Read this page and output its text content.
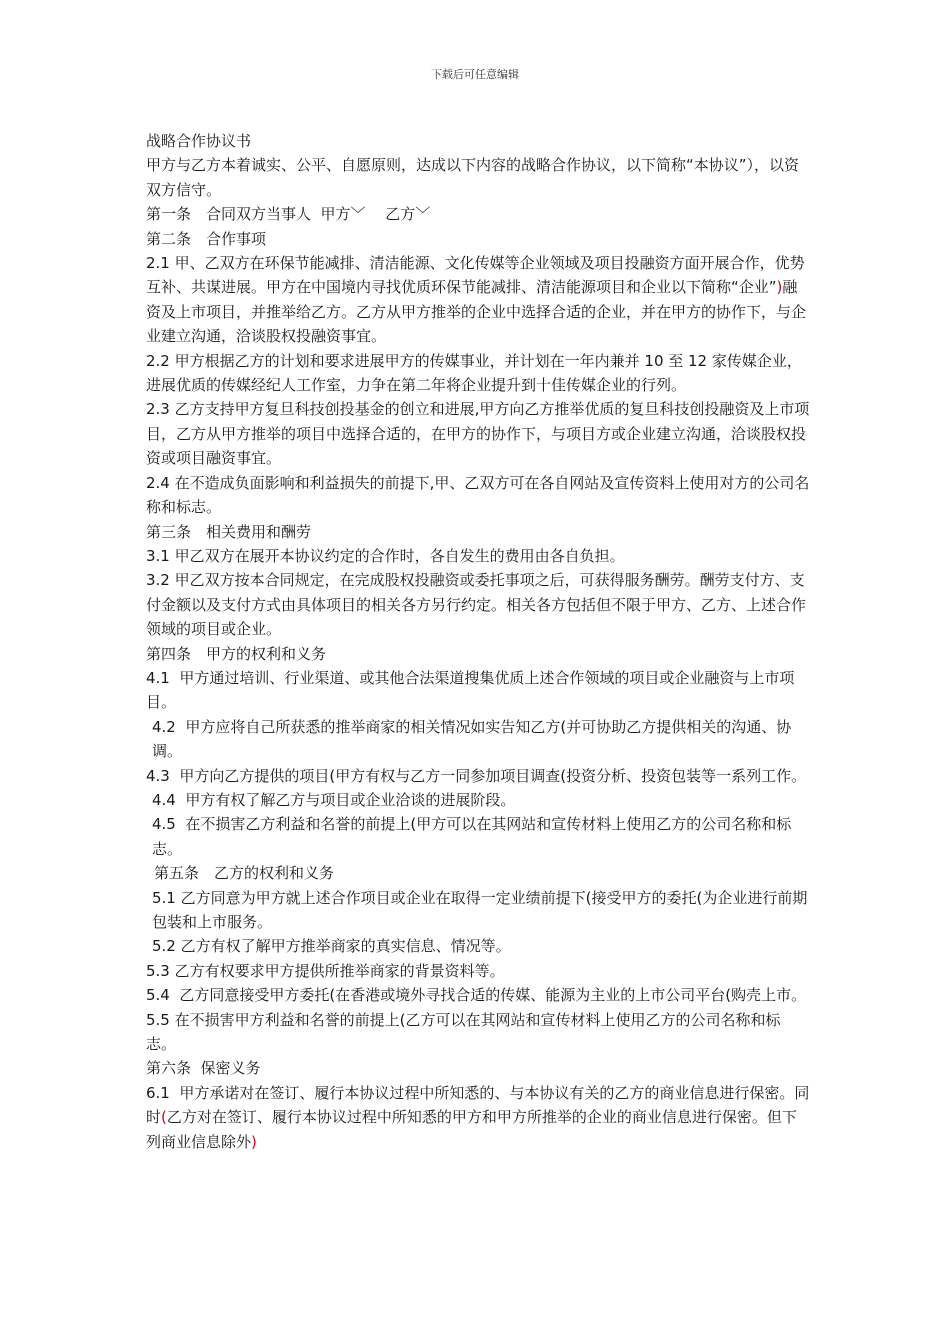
下载后可任意编辑

战略合作协议书

甲方与乙方本着诚实、公平、自愿原则，达成以下内容的战略合作协议，以下简称“本协议”），以资双方信守。

第一条　合同双方当事人  甲方﹀　 乙方﹀

第二条　合作事项

2.1 甲、乙双方在环保节能减排、清洁能源、文化传媒等企业领域及项目投融资方面开展合作，优势互补、共谋进展。甲方在中国境内寻找优质环保节能减排、清洁能源项目和企业以下简称“企业”)融资及上市项目，并推举给乙方。乙方从甲方推举的企业中选择合适的企业，并在甲方的协作下，与企业建立沟通，洽谈股权投融资事宜。

2.2 甲方根据乙方的计划和要求进展甲方的传媒事业，并计划在一年内兼并 10 至 12 家传媒企业，进展优质的传媒经纪人工作室，力争在第二年将企业提升到十佳传媒企业的行列。

2.3 乙方支持甲方复旦科技创投基金的创立和进展,甲方向乙方推举优质的复旦科技创投融资及上市项目，乙方从甲方推举的项目中选择合适的，在甲方的协作下，与项目方或企业建立沟通，洽谈股权投资或项目融资事宜。

2.4 在不造成负面影响和利益损失的前提下,甲、乙双方可在各自网站及宣传资料上使用对方的公司名称和标志。

第三条　相关费用和酬劳

3.1 甲乙双方在展开本协议约定的合作时，各自发生的费用由各自负担。

3.2 甲乙双方按本合同规定，在完成股权投融资或委托事项之后，可获得服务酬劳。酬劳支付方、支付金额以及支付方式由具体项目的相关各方另行约定。相关各方包括但不限于甲方、乙方、上述合作领域的项目或企业。

第四条　甲方的权利和义务

4.1  甲方通过培训、行业渠道、或其他合法渠道搜集优质上述合作领域的项目或企业融资与上市项目。

4.2  甲方应将自己所获悉的推举商家的相关情况如实告知乙方(并可协助乙方提供相关的沟通、协调。

4.3  甲方向乙方提供的项目(甲方有权与乙方一同参加项目调查(投资分析、投资包装等一系列工作。

4.4  甲方有权了解乙方与项目或企业洽谈的进展阶段。

4.5  在不损害乙方利益和名誉的前提上(甲方可以在其网站和宣传材料上使用乙方的公司名称和标志。

第五条　乙方的权利和义务

5.1 乙方同意为甲方就上述合作项目或企业在取得一定业绩前提下(接受甲方的委托(为企业进行前期包装和上市服务。

5.2 乙方有权了解甲方推举商家的真实信息、情况等。

5.3 乙方有权要求甲方提供所推举商家的背景资料等。

5.4  乙方同意接受甲方委托(在香港或境外寻找合适的传媒、能源为主业的上市公司平台(购壳上市。

5.5 在不损害甲方利益和名誉的前提上(乙方可以在其网站和宣传材料上使用乙方的公司名称和标志。

第六条  保密义务

6.1  甲方承诺对在签订、履行本协议过程中所知悉的、与本协议有关的乙方的商业信息进行保密。同时(乙方对在签订、履行本协议过程中所知悉的甲方和甲方所推举的企业的商业信息进行保密。但下列商业信息除外)
